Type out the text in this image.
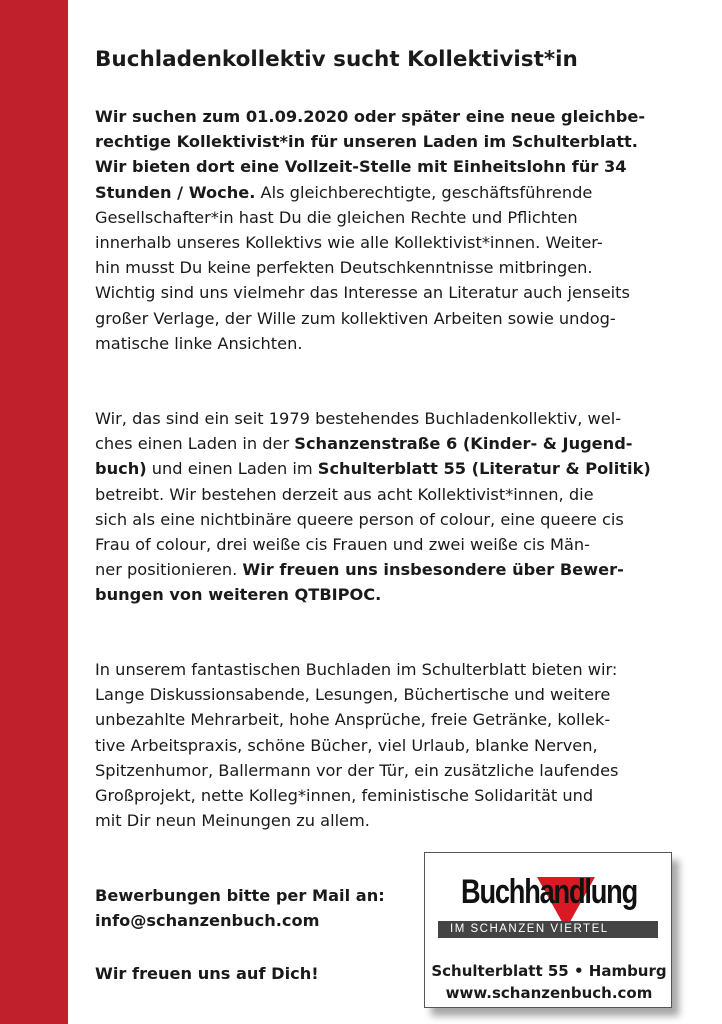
Buchladenkollektiv sucht Kollektivist*in
Wir suchen zum 01.09.2020 oder später eine neue gleichbe-
rechtige Kollektivist*in für unseren Laden im Schulterblatt.
Wir bieten dort eine Vollzeit-Stelle mit Einheitslohn für 34
Stunden / Woche. Als gleichberechtigte, geschäftsführende
Gesellschafter*in hast Du die gleichen Rechte und Pflichten
innerhalb unseres Kollektivs wie alle Kollektivist*innen. Weiter-
hin musst Du keine perfekten Deutschkenntnisse mitbringen.
Wichtig sind uns vielmehr das Interesse an Literatur auch jenseits
großer Verlage, der Wille zum kollektiven Arbeiten sowie undog-
matische linke Ansichten.
Wir, das sind ein seit 1979 bestehendes Buchladenkollektiv, wel-
ches einen Laden in der Schanzenstraße 6 (Kinder- & Jugend-
buch) und einen Laden im Schulterblatt 55 (Literatur & Politik)
betreibt. Wir bestehen derzeit aus acht Kollektivist*innen, die
sich als eine nichtbinäre queere person of colour, eine queere cis
Frau of colour, drei weiße cis Frauen und zwei weiße cis Män-
ner positionieren. Wir freuen uns insbesondere über Bewer-
bungen von weiteren QTBIPOC.
In unserem fantastischen Buchladen im Schulterblatt bieten wir:
Lange Diskussionsabende, Lesungen, Büchertische und weitere
unbezahlte Mehrarbeit, hohe Ansprüche, freie Getränke, kollek-
tive Arbeitspraxis, schöne Bücher, viel Urlaub, blanke Nerven,
Spitzenhumor, Ballermann vor der Tür, ein zusätzliche laufendes
Großprojekt, nette Kolleg*innen, feministische Solidarität und
mit Dir neun Meinungen zu allem.
Bewerbungen bitte per Mail an:
info@schanzenbuch.com
Wir freuen uns auf Dich!
Buchhandlung
IM SCHANZEN VIERTEL
Schulterblatt 55 • Hamburg
www.schanzenbuch.com
